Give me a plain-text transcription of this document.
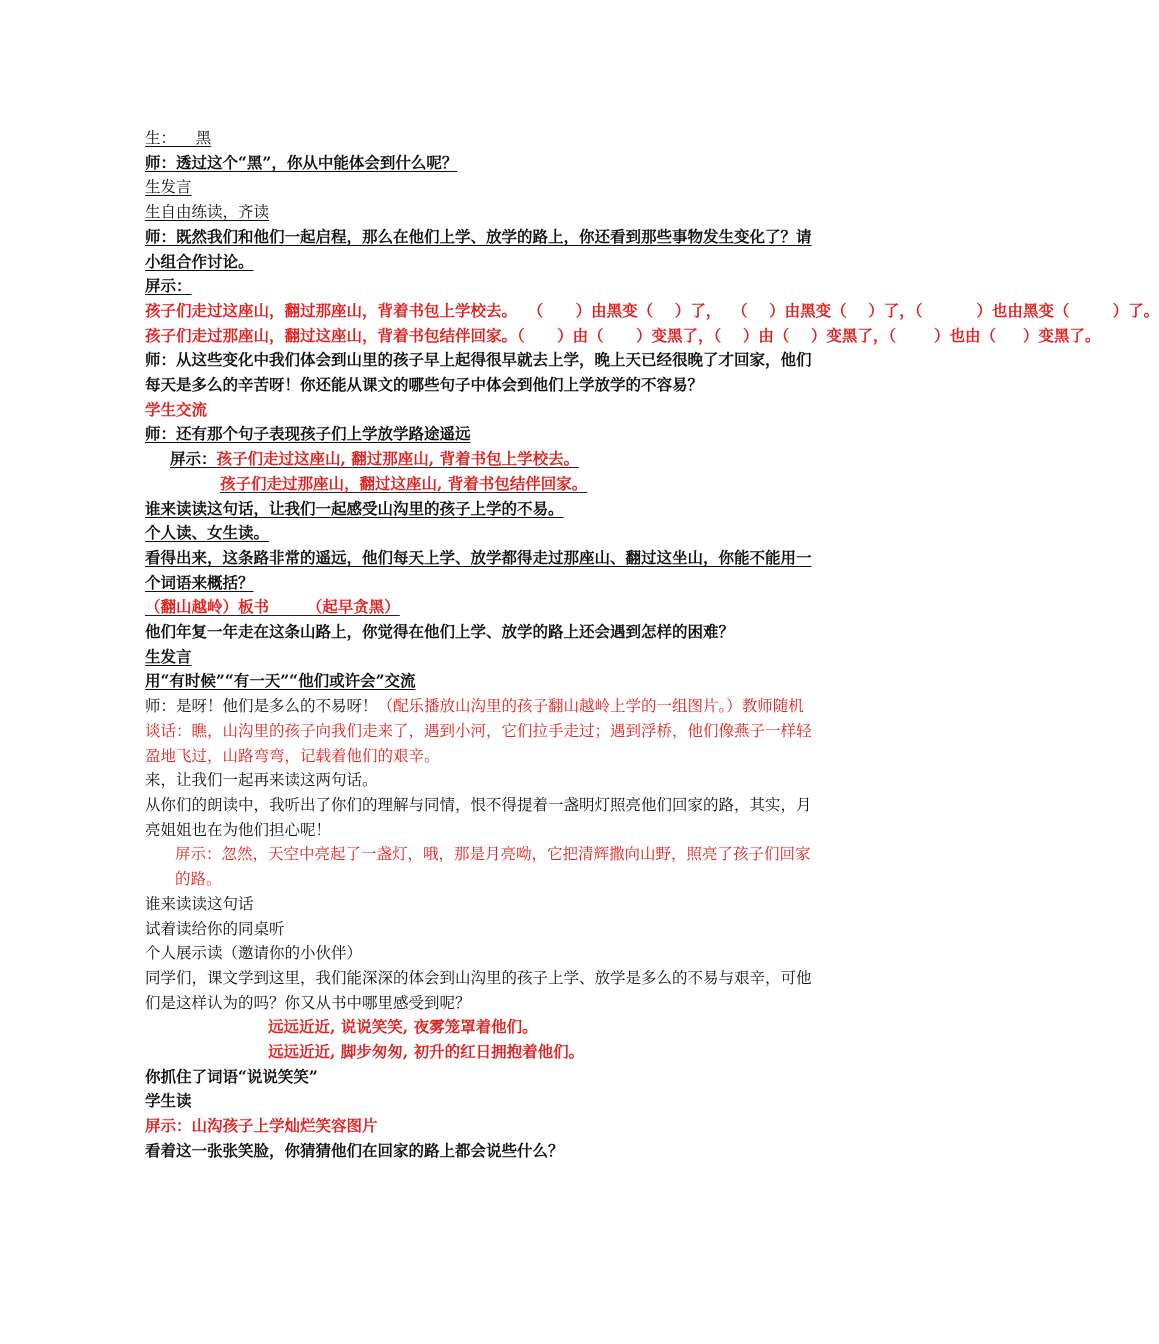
生：    黑

师：透过这个“黑”，你从中能体会到什么呢？

生发言

生自由练读，齐读

师：既然我们和他们一起启程，那么在他们上学、放学的路上，你还看到那些事物发生变化了？请小组合作讨论。

屏示：

孩子们走过这座山，翻过那座山，背着书包上学校去。  （      ）由黑变（    ）了，  （    ）由黑变（    ）了，（          ）也由黑变（        ）了。

孩子们走过那座山，翻过这座山，背着书包结伴回家。（      ）由（      ）变黑了，（    ）由（    ）变黑了，（       ）也由（     ）变黑了。

师：从这些变化中我们体会到山里的孩子早上起得很早就去上学，晚上天已经很晚了才回家，他们每天是多么的辛苦呀！你还能从课文的哪些句子中体会到他们上学放学的不容易？

学生交流

师：还有那个句子表现孩子们上学放学路途遥远

屏示：孩子们走过这座山, 翻过那座山, 背着书包上学校去。

孩子们走过那座山，翻过这座山, 背着书包结伴回家。

谁来读读这句话，让我们一起感受山沟里的孩子上学的不易。

个人读、女生读。

看得出来，这条路非常的遥远，他们每天上学、放学都得走过那座山、翻过这坐山，你能不能用一个词语来概括？

（翻山越岭）板书       （起早贪黑）

他们年复一年走在这条山路上，你觉得在他们上学、放学的路上还会遇到怎样的困难？

生发言

用“有时候”“有一天”“他们或许会”交流

师：是呀！他们是多么的不易呀！（配乐播放山沟里的孩子翻山越岭上学的一组图片。）教师随机谈话：瞧，山沟里的孩子向我们走来了，遇到小河，它们拉手走过；遇到浮桥，他们像燕子一样轻盈地飞过，山路弯弯，记载着他们的艰辛。

来，让我们一起再来读这两句话。

从你们的朗读中，我听出了你们的理解与同情，恨不得提着一盏明灯照亮他们回家的路，其实，月亮姐姐也在为他们担心呢！

屏示：忽然，天空中亮起了一盏灯，哦，那是月亮呦，它把清辉撒向山野，照亮了孩子们回家的路。

谁来读读这句话

试着读给你的同桌听

个人展示读（邀请你的小伙伴）

同学们，课文学到这里，我们能深深的体会到山沟里的孩子上学、放学是多么的不易与艰辛，可他们是这样认为的吗？你又从书中哪里感受到呢？

远远近近, 说说笑笑, 夜雾笼罩着他们。

远远近近, 脚步匆匆, 初升的红日拥抱着他们。

你抓住了词语“说说笑笑”

学生读

屏示：山沟孩子上学灿烂笑容图片

看着这一张张笑脸，你猜猜他们在回家的路上都会说些什么？
